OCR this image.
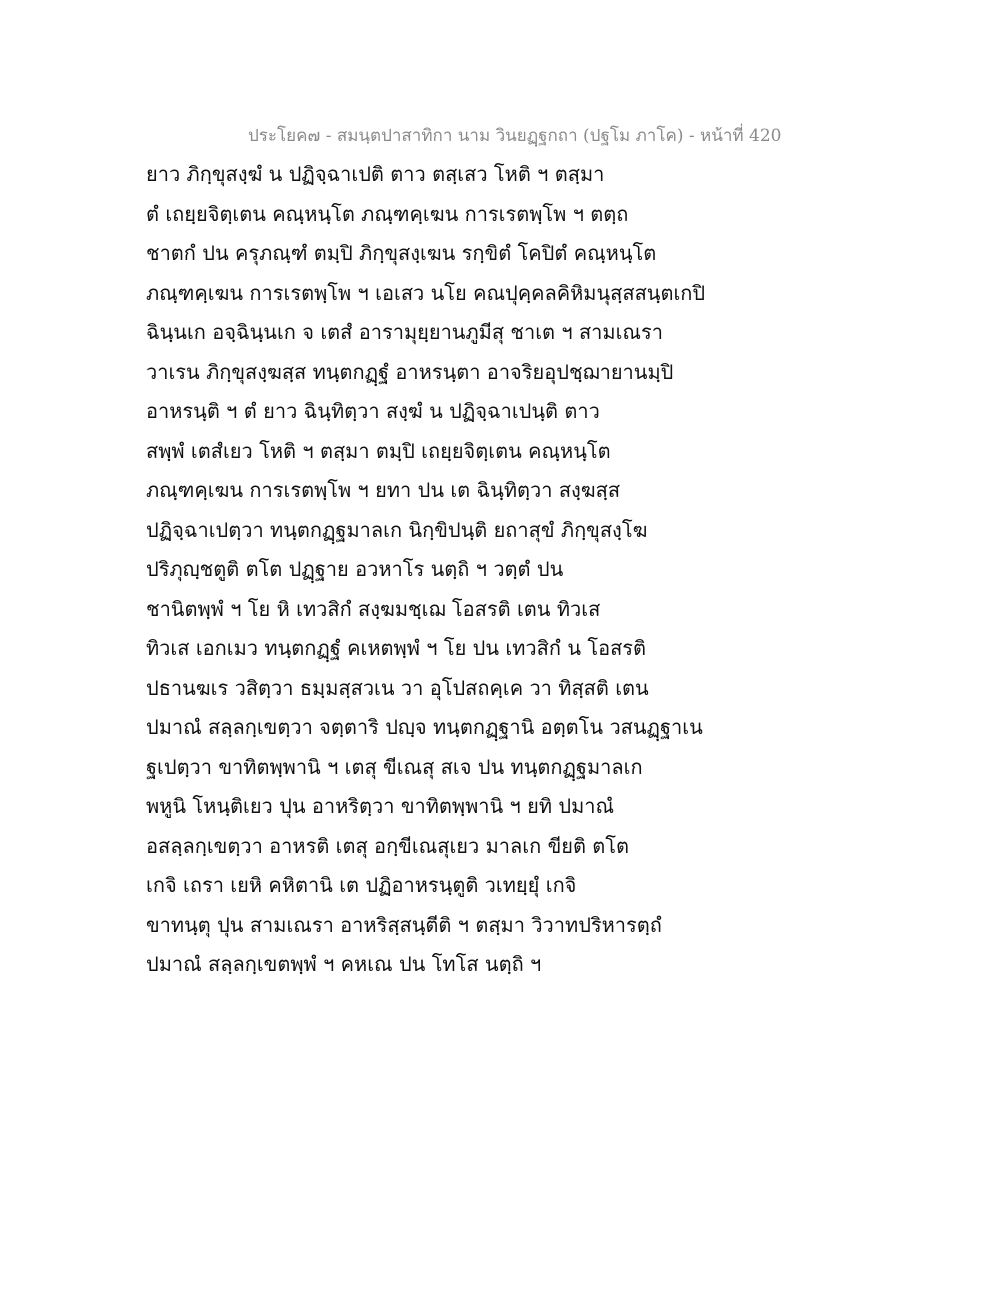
ประโยค๗ - สมนฺตปาสาทิกา นาม วินยฏฺฐกถา (ปฐโม ภาโค) - หน้าที่ 420
ยาว ภิกฺขุสงฺฆํ น ปฏิจฺฉาเปติ ตาว ตสฺเสว โหติ ฯ ตสฺมา
ตํ เถยฺยจิตฺเตน คณฺหนฺโต ภณฺฑคฺเฆน การเรตพฺโพ ฯ ตตฺถ
ชาตกํ ปน ครุภณฺฑํ ตมฺปิ ภิกฺขุสงฺเฆน รกฺขิตํ โคปิตํ คณฺหนฺโต
ภณฺฑคฺเฆน การเรตพฺโพ ฯ เอเสว นโย คณปุคฺคลคิหิมนุสฺสสนฺตเกปิ
ฉินฺนเก อจฺฉินฺนเก จ เตสํ อารามุยฺยานภูมีสุ ชาเต ฯ สามเณรา
วาเรน ภิกฺขุสงฺฆสฺส ทนฺตกฏฺฐํ อาหรนฺตา อาจริยอุปชฺฌายานมฺปิ
อาหรนฺติ ฯ ตํ ยาว ฉินฺทิตฺวา สงฺฆํ น ปฏิจฺฉาเปนฺติ ตาว
สพฺพํ เตสํเยว โหติ ฯ ตสฺมา ตมฺปิ เถยฺยจิตฺเตน คณฺหนฺโต
ภณฺฑคฺเฆน การเรตพฺโพ ฯ ยทา ปน เต ฉินฺทิตฺวา สงฺฆสฺส
ปฏิจฺฉาเปตฺวา ทนฺตกฏฺฐมาลเก นิกฺขิปนฺติ ยถาสุขํ ภิกฺขุสงฺโฆ
ปริภุญฺชตูติ ตโต ปฏฺฐาย อวหาโร นตฺถิ ฯ วตฺตํ ปน
ชานิตพฺพํ ฯ โย หิ เทวสิกํ สงฺฆมชฺเฌ โอสรติ เตน ทิวเส
ทิวเส เอกเมว ทนฺตกฏฺฐํ คเหตพฺพํ ฯ โย ปน เทวสิกํ น โอสรติ
ปธานฆเร วสิตฺวา ธมฺมสฺสวเน วา อุโปสถคฺเค วา ทิสฺสติ เตน
ปมาณํ สลฺลกฺเขตฺวา จตฺตาริ ปญฺจ ทนฺตกฏฺฐานิ อตฺตโน วสนฏฺฐาเน
ฐเปตฺวา ขาทิตพฺพานิ ฯ เตสุ ขีเณสุ สเจ ปน ทนฺตกฏฺฐมาลเก
พหูนิ โหนฺติเยว ปุน อาหริตฺวา ขาทิตพฺพานิ ฯ ยทิ ปมาณํ
อสลฺลกฺเขตฺวา อาหรติ เตสุ อกฺขีเณสุเยว มาลเก ขียติ ตโต
เกจิ เถรา เยหิ คหิตานิ เต ปฏิอาหรนฺตูติ วเทยฺยุํ เกจิ
ขาทนฺตุ ปุน สามเณรา อาหริสฺสนฺตีติ ฯ ตสฺมา วิวาทปริหารตฺถํ
ปมาณํ สลฺลกฺเขตพฺพํ ฯ คหเณ ปน โทโส นตฺถิ ฯ
